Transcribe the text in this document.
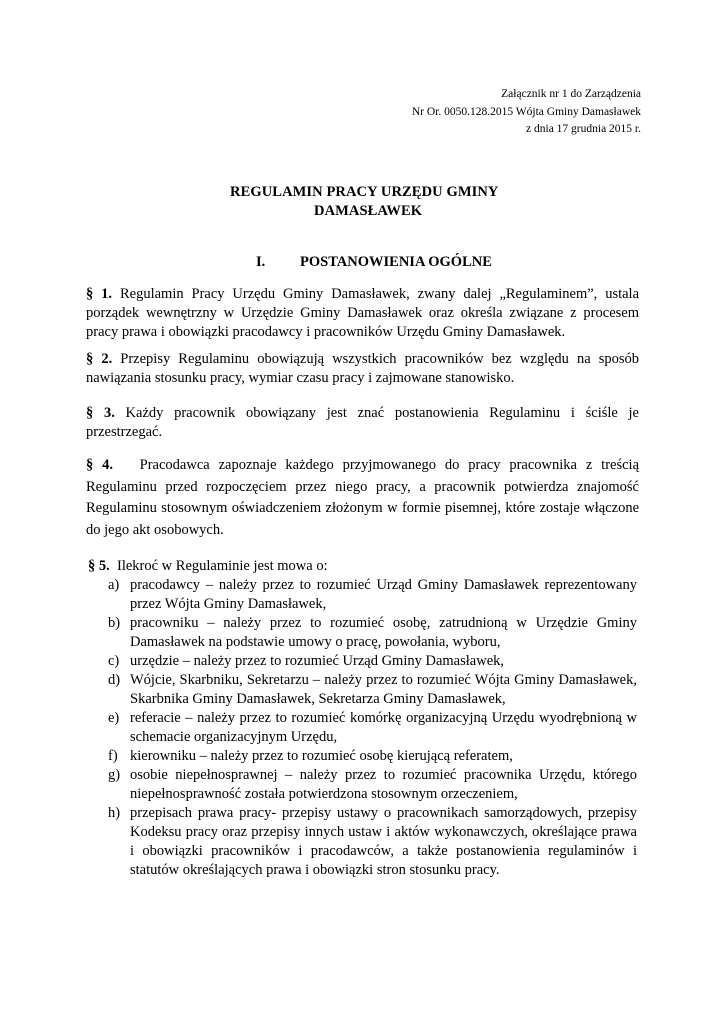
Załącznik nr 1 do Zarządzenia
Nr Or. 0050.128.2015 Wójta Gminy Damasławek
z dnia 17 grudnia 2015 r.
REGULAMIN PRACY URZĘDU GMINY
DAMASŁAWEK
I. POSTANOWIENIA OGÓLNE
§ 1. Regulamin Pracy Urzędu Gminy Damasławek, zwany dalej „Regulaminem”, ustala porządek wewnętrzny w Urzędzie Gminy Damasławek oraz określa związane z procesem pracy prawa i obowiązki pracodawcy i pracowników Urzędu Gminy Damasławek.
§ 2. Przepisy Regulaminu obowiązują wszystkich pracowników bez względu na sposób nawiązania stosunku pracy, wymiar czasu pracy i zajmowane stanowisko.
§ 3. Każdy pracownik obowiązany jest znać postanowienia Regulaminu i ściśle je przestrzegać.
§ 4. Pracodawca zapoznaje każdego przyjmowanego do pracy pracownika z treścią Regulaminu przed rozpoczęciem przez niego pracy, a pracownik potwierdza znajomość Regulaminu stosownym oświadczeniem złożonym w formie pisemnej, które zostaje włączone do jego akt osobowych.
§ 5. Ilekroć w Regulaminie jest mowa o:
a) pracodawcy – należy przez to rozumieć Urząd Gminy Damasławek reprezentowany przez Wójta Gminy Damasławek,
b) pracowniku – należy przez to rozumieć osobę, zatrudnioną w Urzędzie Gminy Damasławek na podstawie umowy o pracę, powołania, wyboru,
c) urzędzie – należy przez to rozumieć Urząd Gminy Damasławek,
d) Wójcie, Skarbniku, Sekretarzu – należy przez to rozumieć Wójta Gminy Damasławek, Skarbnika Gminy Damasławek, Sekretarza Gminy Damasławek,
e) referacie – należy przez to rozumieć komórkę organizacyjną Urzędu wyodrębnioną w schemacie organizacyjnym Urzędu,
f) kierowniku – należy przez to rozumieć osobę kierującą referatem,
g) osobie niepełnosprawnej – należy przez to rozumieć pracownika Urzędu, którego niepełnosprawność została potwierdzona stosownym orzeczeniem,
h) przepisach prawa pracy- przepisy ustawy o pracownikach samorządowych, przepisy Kodeksu pracy oraz przepisy innych ustaw i aktów wykonawczych, określające prawa i obowiązki pracowników i pracodawców, a także postanowienia regulaminów i statutów określających prawa i obowiązki stron stosunku pracy.
